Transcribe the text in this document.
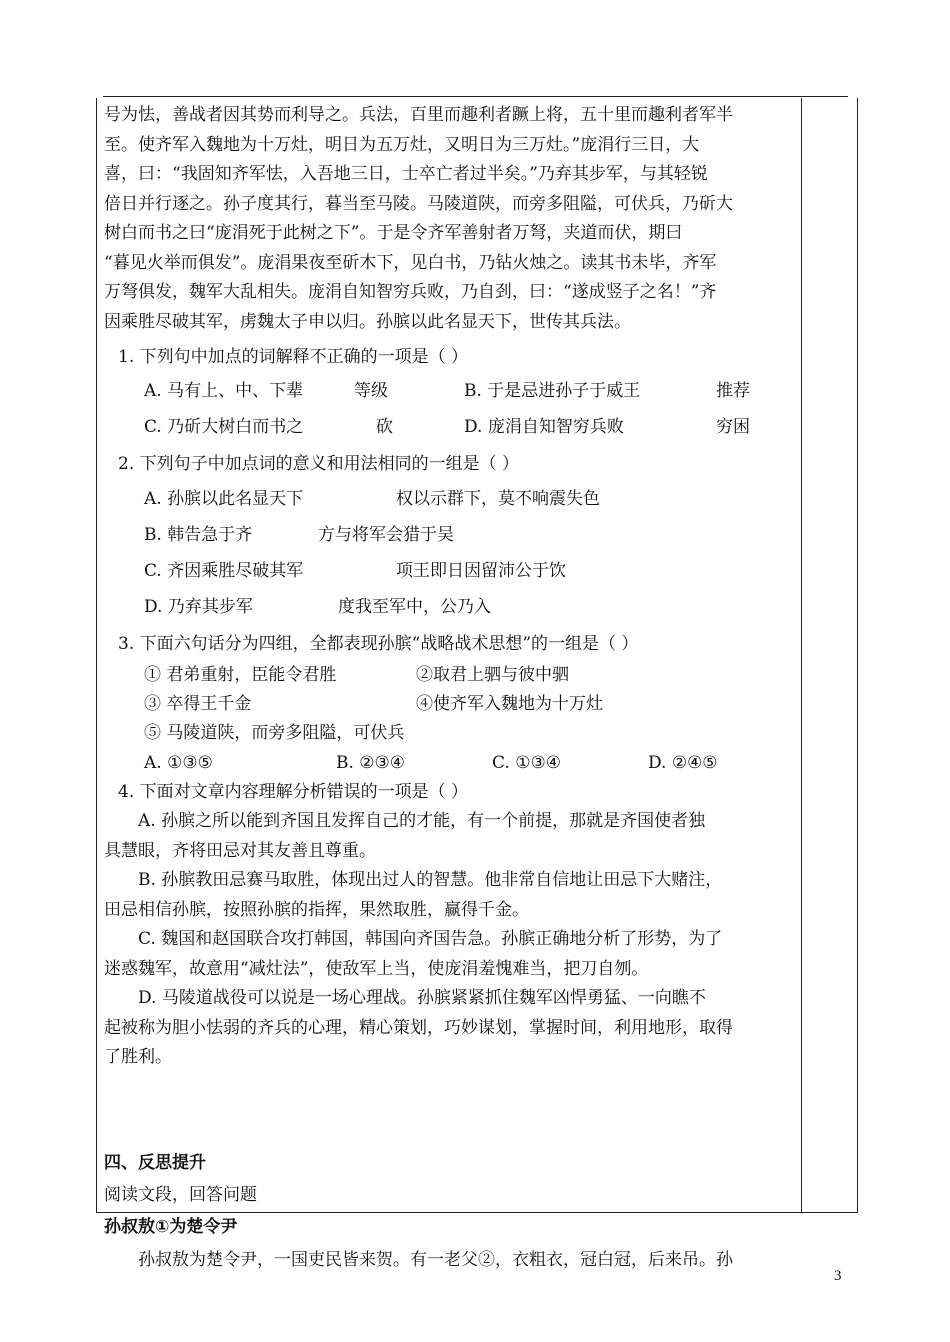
号为怯，善战者因其势而利导之。兵法，百里而趣利者蹶上将，五十里而趣利者军半

至。使齐军入魏地为十万灶，明日为五万灶，又明日为三万灶。”庞涓行三日，大

喜，曰：“我固知齐军怯，入吾地三日，士卒亡者过半矣。”乃弃其步军，与其轻锐

倍日并行逐之。孙子度其行，暮当至马陵。马陵道陕，而旁多阻隘，可伏兵，乃斫大

树白而书之曰“庞涓死于此树之下”。于是令齐军善射者万弩，夹道而伏，期曰

“暮见火举而俱发”。庞涓果夜至斫木下，见白书，乃钻火烛之。读其书未毕，齐军

万弩俱发，魏军大乱相失。庞涓自知智穷兵败，乃自刭，曰：“遂成竖子之名！”齐

因乘胜尽破其军，虏魏太子申以归。孙膑以此名显天下，世传其兵法。

1. 下列句中加点的词解释不正确的一项是（ ）

A. 马有上、中、下辈	等级	B. 于是忌进孙子于威王	推荐

C. 乃斫大树白而书之	砍	D. 庞涓自知智穷兵败	穷困

2. 下列句子中加点词的意义和用法相同的一组是（ ）

A. 孙膑以此名显天下	权以示群下，莫不响震失色

B. 韩告急于齐	方与将军会猎于吴

C. 齐因乘胜尽破其军	项王即日因留沛公于饮

D. 乃弃其步军	度我至军中，公乃入

3. 下面六句话分为四组，全都表现孙膑“战略战术思想”的一组是（ ）

① 君弟重射，臣能令君胜	②取君上驷与彼中驷

③ 卒得王千金	④使齐军入魏地为十万灶

⑤ 马陵道陕，而旁多阻隘，可伏兵

A. ①③⑤	B. ②③④	C. ①③④	D. ②④⑤

4. 下面对文章内容理解分析错误的一项是（ ）

A. 孙膑之所以能到齐国且发挥自己的才能，有一个前提，那就是齐国使者独

具慧眼，齐将田忌对其友善且尊重。

B. 孙膑教田忌赛马取胜，体现出过人的智慧。他非常自信地让田忌下大赌注，

田忌相信孙膑，按照孙膑的指挥，果然取胜，赢得千金。

C. 魏国和赵国联合攻打韩国，韩国向齐国告急。孙膑正确地分析了形势，为了

迷惑魏军，故意用“减灶法”，使敌军上当，使庞涓羞愧难当，把刀自刎。

D. 马陵道战役可以说是一场心理战。孙膑紧紧抓住魏军凶悍勇猛、一向瞧不

起被称为胆小怯弱的齐兵的心理，精心策划，巧妙谋划，掌握时间，利用地形，取得

了胜利。

四、反思提升

阅读文段，回答问题

孙叔敖①为楚令尹

孙叔敖为楚令尹，一国吏民皆来贺。有一老父②，衣粗衣，冠白冠，后来吊。孙

3
